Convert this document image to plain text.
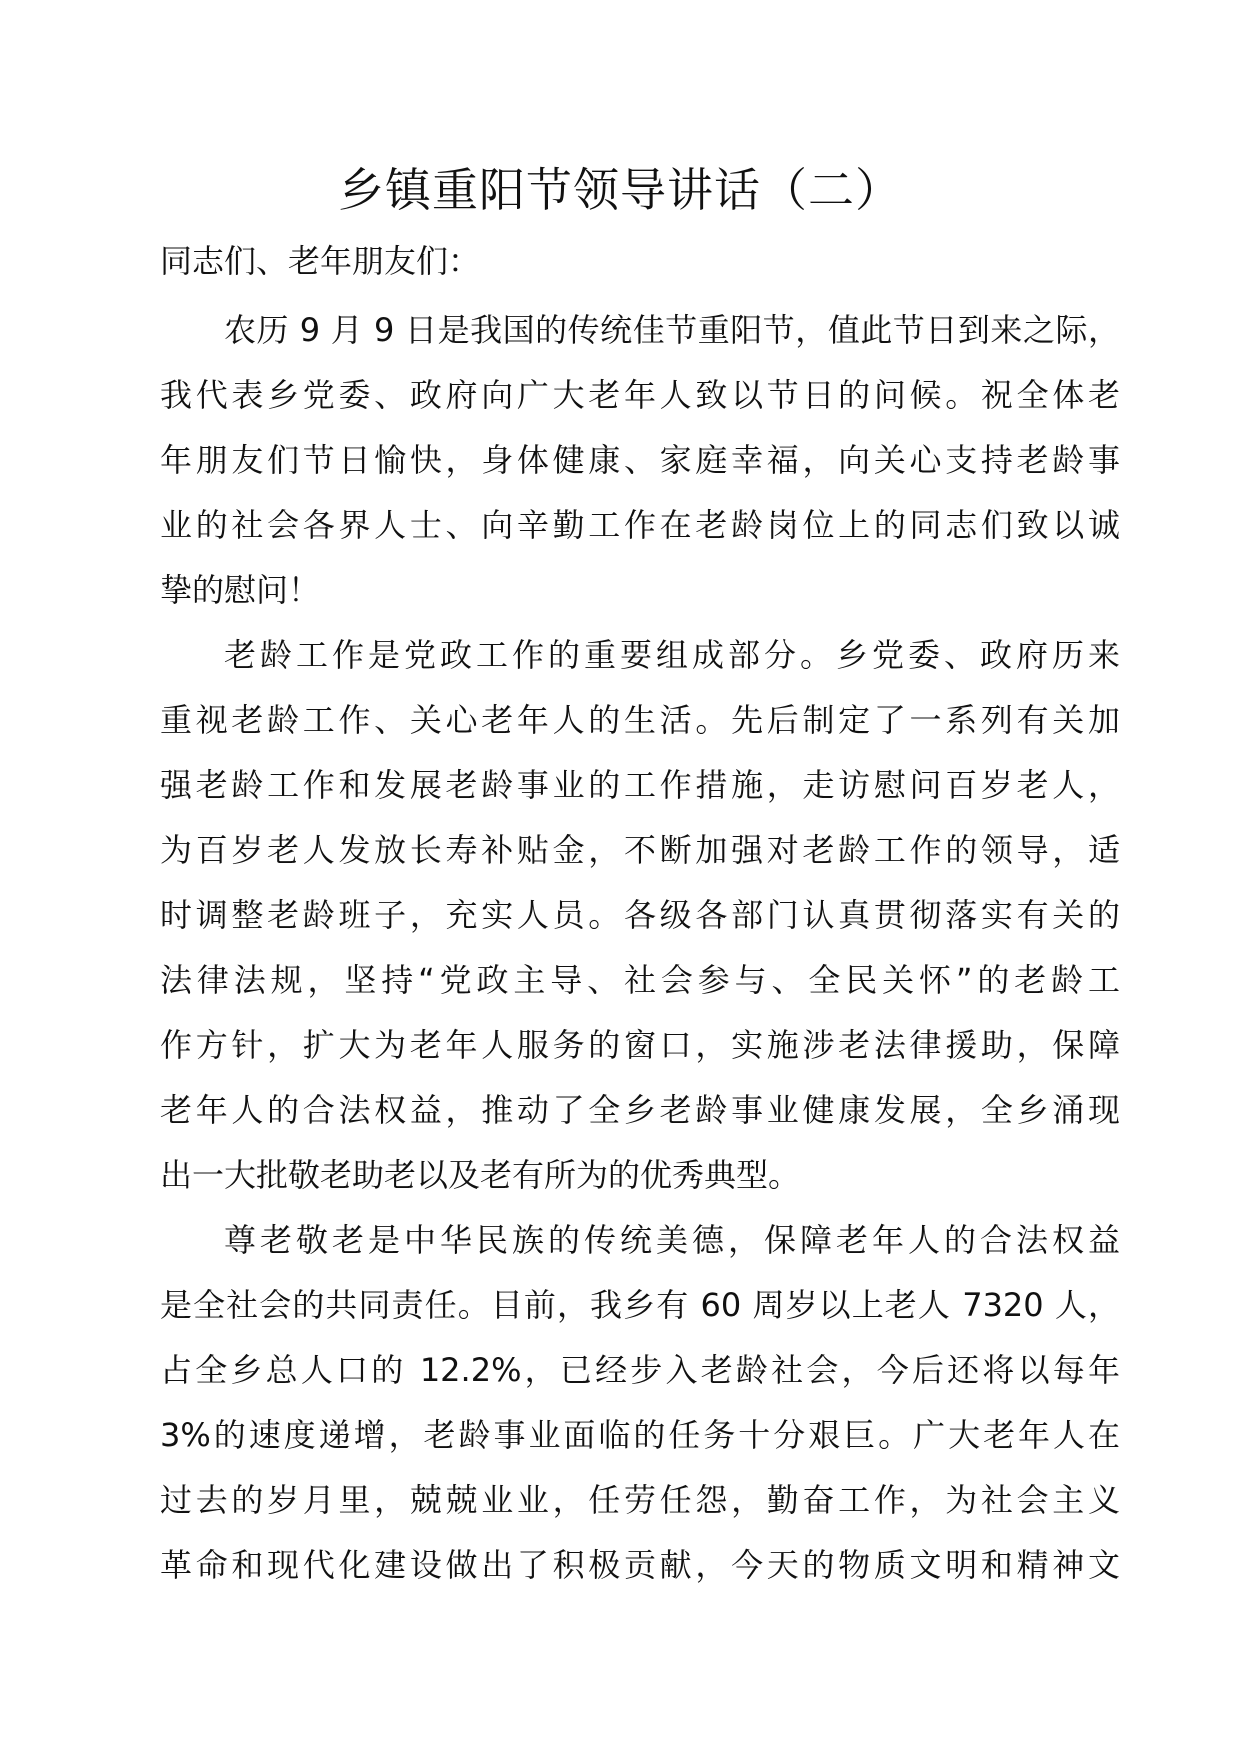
乡镇重阳节领导讲话（二）
同志们、老年朋友们：
农历 9 月 9 日是我国的传统佳节重阳节，值此节日到来之际，
我代表乡党委、政府向广大老年人致以节日的问候。祝全体老
年朋友们节日愉快，身体健康、家庭幸福，向关心支持老龄事
业的社会各界人士、向辛勤工作在老龄岗位上的同志们致以诚
挚的慰问！
老龄工作是党政工作的重要组成部分。乡党委、政府历来
重视老龄工作、关心老年人的生活。先后制定了一系列有关加
强老龄工作和发展老龄事业的工作措施，走访慰问百岁老人，
为百岁老人发放长寿补贴金，不断加强对老龄工作的领导，适
时调整老龄班子，充实人员。各级各部门认真贯彻落实有关的
法律法规，坚持“党政主导、社会参与、全民关怀”的老龄工
作方针，扩大为老年人服务的窗口，实施涉老法律援助，保障
老年人的合法权益，推动了全乡老龄事业健康发展，全乡涌现
出一大批敬老助老以及老有所为的优秀典型。
尊老敬老是中华民族的传统美德，保障老年人的合法权益
是全社会的共同责任。目前，我乡有 60 周岁以上老人 7320 人，
占全乡总人口的 12.2%，已经步入老龄社会，今后还将以每年
3%的速度递增，老龄事业面临的任务十分艰巨。广大老年人在
过去的岁月里，兢兢业业，任劳任怨，勤奋工作，为社会主义
革命和现代化建设做出了积极贡献，今天的物质文明和精神文
